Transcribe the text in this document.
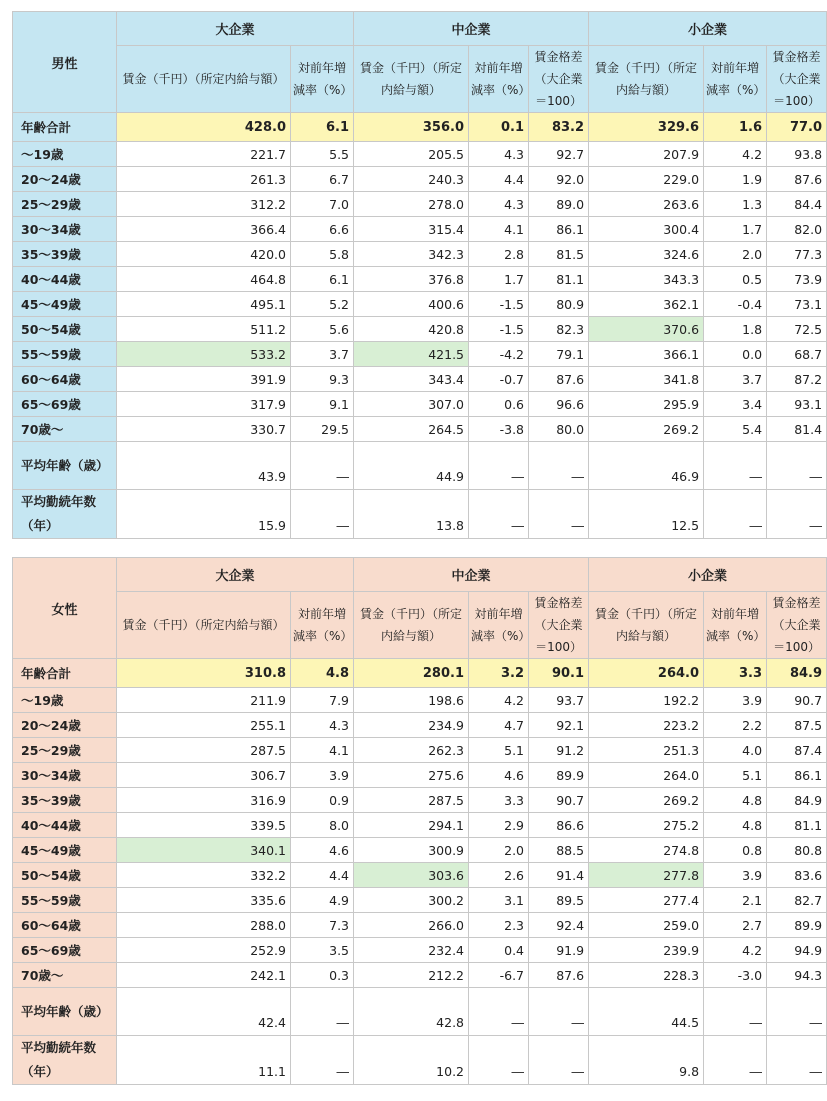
男性	大企業		中企業			小企業		
	賃金（千円）（所定内給与額）	対前年増減率（%）	賃金（千円）（所定内給与額）	対前年増減率（%）	賃金格差（大企業＝100）	賃金（千円）（所定内給与額）	対前年増減率（%）	賃金格差（大企業＝100）
年齢合計	428.0	6.1	356.0	0.1	83.2	329.6	1.6	77.0
～19歳	221.7	5.5	205.5	4.3	92.7	207.9	4.2	93.8
20～24歳	261.3	6.7	240.3	4.4	92.0	229.0	1.9	87.6
25～29歳	312.2	7.0	278.0	4.3	89.0	263.6	1.3	84.4
30～34歳	366.4	6.6	315.4	4.1	86.1	300.4	1.7	82.0
35～39歳	420.0	5.8	342.3	2.8	81.5	324.6	2.0	77.3
40～44歳	464.8	6.1	376.8	1.7	81.1	343.3	0.5	73.9
45～49歳	495.1	5.2	400.6	-1.5	80.9	362.1	-0.4	73.1
50～54歳	511.2	5.6	420.8	-1.5	82.3	370.6	1.8	72.5
55～59歳	533.2	3.7	421.5	-4.2	79.1	366.1	0.0	68.7
60～64歳	391.9	9.3	343.4	-0.7	87.6	341.8	3.7	87.2
65～69歳	317.9	9.1	307.0	0.6	96.6	295.9	3.4	93.1
70歳～	330.7	29.5	264.5	-3.8	80.0	269.2	5.4	81.4
平均年齢（歳）	43.9	―	44.9	―	―	46.9	―	―
平均勤続年数（年）	15.9	―	13.8	―	―	12.5	―	―
女性	大企業		中企業			小企業		
	賃金（千円）（所定内給与額）	対前年増減率（%）	賃金（千円）（所定内給与額）	対前年増減率（%）	賃金格差（大企業＝100）	賃金（千円）（所定内給与額）	対前年増減率（%）	賃金格差（大企業＝100）
年齢合計	310.8	4.8	280.1	3.2	90.1	264.0	3.3	84.9
～19歳	211.9	7.9	198.6	4.2	93.7	192.2	3.9	90.7
20～24歳	255.1	4.3	234.9	4.7	92.1	223.2	2.2	87.5
25～29歳	287.5	4.1	262.3	5.1	91.2	251.3	4.0	87.4
30～34歳	306.7	3.9	275.6	4.6	89.9	264.0	5.1	86.1
35～39歳	316.9	0.9	287.5	3.3	90.7	269.2	4.8	84.9
40～44歳	339.5	8.0	294.1	2.9	86.6	275.2	4.8	81.1
45～49歳	340.1	4.6	300.9	2.0	88.5	274.8	0.8	80.8
50～54歳	332.2	4.4	303.6	2.6	91.4	277.8	3.9	83.6
55～59歳	335.6	4.9	300.2	3.1	89.5	277.4	2.1	82.7
60～64歳	288.0	7.3	266.0	2.3	92.4	259.0	2.7	89.9
65～69歳	252.9	3.5	232.4	0.4	91.9	239.9	4.2	94.9
70歳～	242.1	0.3	212.2	-6.7	87.6	228.3	-3.0	94.3
平均年齢（歳）	42.4	―	42.8	―	―	44.5	―	―
平均勤続年数（年）	11.1	―	10.2	―	―	9.8	―	―
